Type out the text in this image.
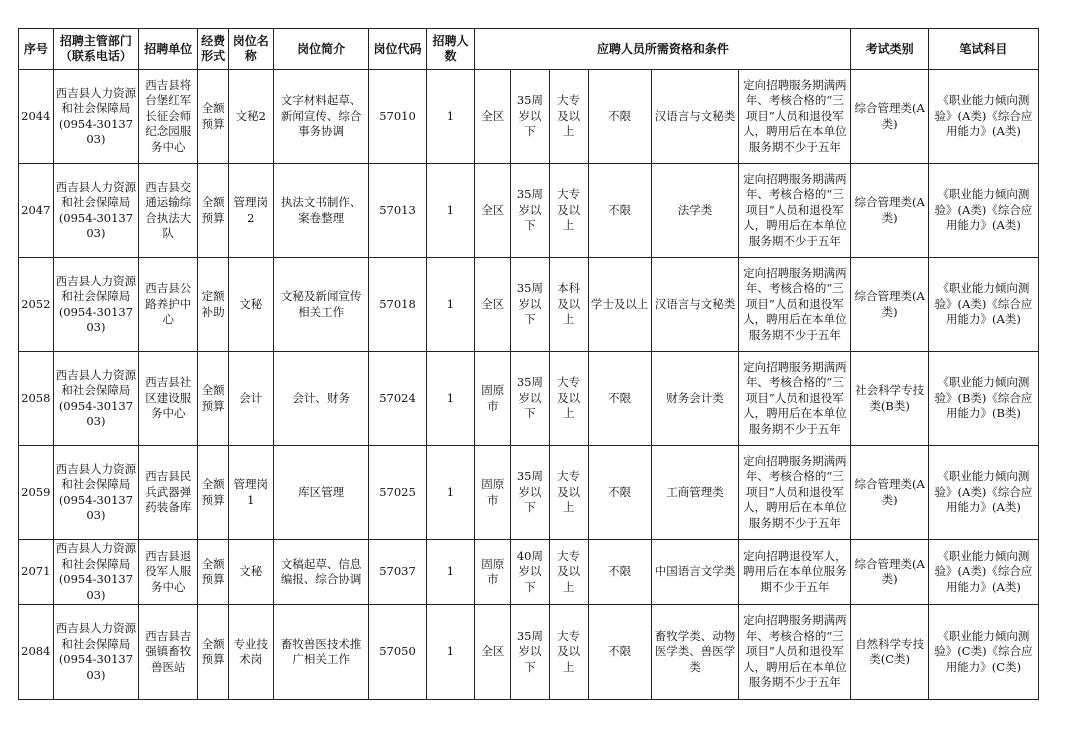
序号	招聘主管部门（联系电话）	招聘单位	经费形式	岗位名称	岗位简介	岗位代码	招聘人数	应聘人员所需资格和条件						考试类别	笔试科目
2044	西吉县人力资源和社会保障局(0954-3013703)	西吉县将台堡红军长征会师纪念园服务中心	全额预算	文秘2	文字材料起草、新闻宣传、综合事务协调	57010	1	全区	35周岁以下	大专及以上	不限	汉语言与文秘类	定向招聘服务期满两年、考核合格的“三项目”人员和退役军人，聘用后在本单位服务期不少于五年	综合管理类(A类)	《职业能力倾向测验》(A类)《综合应用能力》(A类)
2047	西吉县人力资源和社会保障局(0954-3013703)	西吉县交通运输综合执法大队	全额预算	管理岗2	执法文书制作、案卷整理	57013	1	全区	35周岁以下	大专及以上	不限	法学类	定向招聘服务期满两年、考核合格的“三项目”人员和退役军人，聘用后在本单位服务期不少于五年	综合管理类(A类)	《职业能力倾向测验》(A类)《综合应用能力》(A类)
2052	西吉县人力资源和社会保障局(0954-3013703)	西吉县公路养护中心	定额补助	文秘	文秘及新闻宣传相关工作	57018	1	全区	35周岁以下	本科及以上	学士及以上	汉语言与文秘类	定向招聘服务期满两年、考核合格的“三项目”人员和退役军人，聘用后在本单位服务期不少于五年	综合管理类(A类)	《职业能力倾向测验》(A类)《综合应用能力》(A类)
2058	西吉县人力资源和社会保障局(0954-3013703)	西吉县社区建设服务中心	全额预算	会计	会计、财务	57024	1	固原市	35周岁以下	大专及以上	不限	财务会计类	定向招聘服务期满两年、考核合格的“三项目”人员和退役军人，聘用后在本单位服务期不少于五年	社会科学专技类(B类)	《职业能力倾向测验》(B类)《综合应用能力》(B类)
2059	西吉县人力资源和社会保障局(0954-3013703)	西吉县民兵武器弹药装备库	全额预算	管理岗1	库区管理	57025	1	固原市	35周岁以下	大专及以上	不限	工商管理类	定向招聘服务期满两年、考核合格的“三项目”人员和退役军人，聘用后在本单位服务期不少于五年	综合管理类(A类)	《职业能力倾向测验》(A类)《综合应用能力》(A类)
2071	西吉县人力资源和社会保障局(0954-3013703)	西吉县退役军人服务中心	全额预算	文秘	文稿起草、信息编报、综合协调	57037	1	固原市	40周岁以下	大专及以上	不限	中国语言文学类	定向招聘退役军人，聘用后在本单位服务期不少于五年	综合管理类(A类)	《职业能力倾向测验》(A类)《综合应用能力》(A类)
2084	西吉县人力资源和社会保障局(0954-3013703)	西吉县吉强镇畜牧兽医站	全额预算	专业技术岗	畜牧兽医技术推广相关工作	57050	1	全区	35周岁以下	大专及以上	不限	畜牧学类、动物医学类、兽医学类	定向招聘服务期满两年、考核合格的“三项目”人员和退役军人，聘用后在本单位服务期不少于五年	自然科学专技类(C类)	《职业能力倾向测验》(C类)《综合应用能力》(C类)
